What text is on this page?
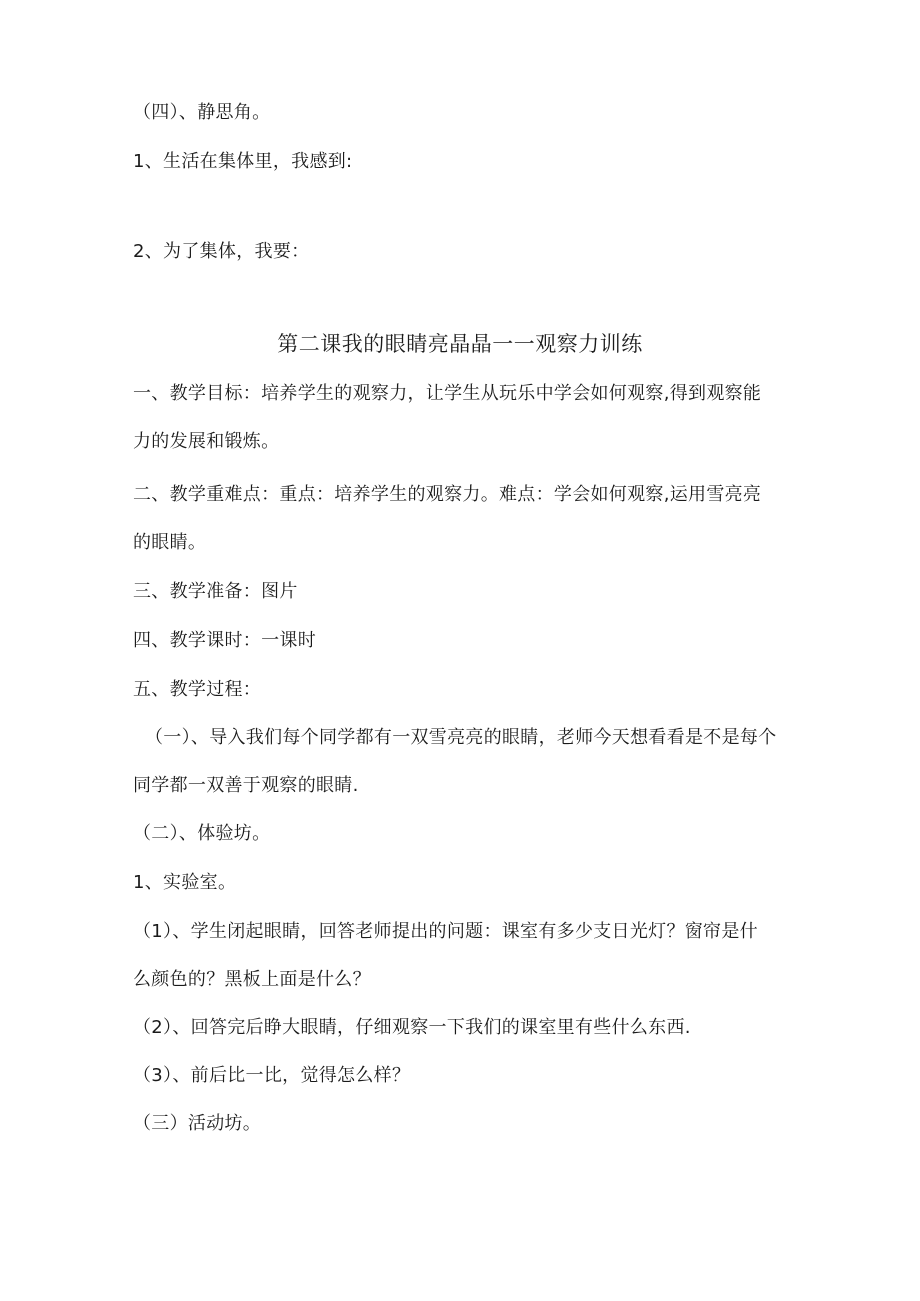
（四）、静思角。
1、生活在集体里，我感到:
2、为了集体，我要：
第二课我的眼睛亮晶晶一一观察力训练
一、教学目标：培养学生的观察力，让学生从玩乐中学会如何观察,得到观察能
力的发展和锻炼。
二、教学重难点：重点：培养学生的观察力。难点：学会如何观察,运用雪亮亮
的眼睛。
三、教学准备：图片
四、教学课时：一课时
五、教学过程：
（一）、导入我们每个同学都有一双雪亮亮的眼睛，老师今天想看看是不是每个
同学都一双善于观察的眼睛.
（二）、体验坊。
1、实验室。
（1）、学生闭起眼睛，回答老师提出的问题：课室有多少支日光灯？窗帘是什
么颜色的？黑板上面是什么？
（2）、回答完后睁大眼睛，仔细观察一下我们的课室里有些什么东西.
（3）、前后比一比，觉得怎么样？
（三）活动坊。
